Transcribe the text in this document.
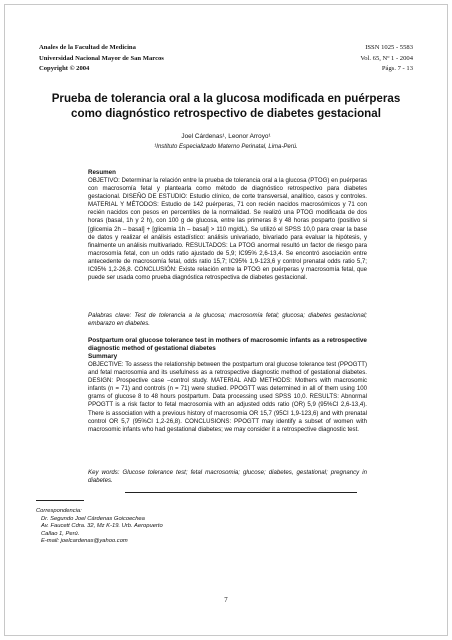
Anales de la Facultad de Medicina
Universidad Nacional Mayor de San Marcos
Copyright © 2004
ISSN 1025 - 5583
Vol. 65, Nº 1 - 2004
Págs. 7 - 13
Prueba de tolerancia oral a la glucosa modificada en puérperas
como diagnóstico retrospectivo de diabetes gestacional
Joel Cárdenas¹, Leonor Arroyo¹
¹Instituto Especializado Materno Perinatal, Lima-Perú.
Resumen
OBJETIVO: Determinar la relación entre la prueba de tolerancia oral a la glucosa (PTOG) en puérperas con macrosomía fetal y plantearla como método de diagnóstico retrospectivo para diabetes gestacional. DISEÑO DE ESTUDIO: Estudio clínico, de corte transversal, analítico, casos y controles. MATERIAL Y MÉTODOS: Estudio de 142 puérperas, 71 con recién nacidos macrosómicos y 71 con recién nacidos con pesos en percentiles de la normalidad. Se realizó una PTOG modificada de dos horas (basal, 1h y 2 h), con 100 g de glucosa, entre las primeras 8 y 48 horas posparto (positivo si [glicemia 2h – basal] + [glicemia 1h – basal] > 110 mg/dL). Se utilizó el SPSS 10,0 para crear la base de datos y realizar el análisis estadístico: análisis univariado, bivariado para evaluar la hipótesis, y finalmente un análisis multivariado. RESULTADOS: La PTOG anormal resultó un factor de riesgo para macrosomía fetal, con un odds ratio ajustado de 5,9; IC95% 2,6-13,4. Se encontró asociación entre antecedente de macrosomía fetal, odds ratio 15,7; IC95% 1,9-123,6 y control prenatal odds ratio 5,7; IC95% 1,2-26,8. CONCLUSIÓN: Existe relación entre la PTOG en puérperas y macrosomía fetal, que puede ser usada como prueba diagnóstica retrospectiva de diabetes gestacional.
Palabras clave: Test de tolerancia a la glucosa; macrosomía fetal; glucosa; diabetes gestacional; embarazo en diabetes.
Postpartum oral glucose tolerance test in mothers of macrosomic infants as a retrospective diagnostic method of gestational diabetes
Summary
OBJECTIVE: To assess the relationship between the postpartum oral glucose tolerance test (PPOGTT) and fetal macrosomia and its usefulness as a retrospective diagnostic method of gestational diabetes. DESIGN: Prospective case –control study. MATERIAL AND METHODS: Mothers with macrosomic infants (n = 71) and controls (n = 71) were studied. PPOGTT was determined in all of them using 100 grams of glucose 8 to 48 hours postpartum. Data processing used SPSS 10,0. RESULTS: Abnormal PPOGTT is a risk factor to fetal macrosomia with an adjusted odds ratio (OR) 5,9 (95%CI 2,6-13,4). There is association with a previous history of macrosomia OR 15,7 (95CI 1,9-123,6) and with prenatal control OR 5,7 (95%CI 1,2-26,8). CONCLUSIONS: PPOGTT may identify a subset of women with macrosomic infants who had gestational diabetes; we may consider it a retrospective diagnostic test.
Key words: Glucose tolerance test; fetal macrosomia; glucose; diabetes, gestational; pregnancy in diabetes.
Correspondencia:
Dr. Segundo Joel Cárdenas Goicoechea
Av. Faucett Cdra. 32, Mz K-19. Urb. Aeropuerto
Callao 1, Perú.
E-mail: joelcardenas@yahoo.com
7
